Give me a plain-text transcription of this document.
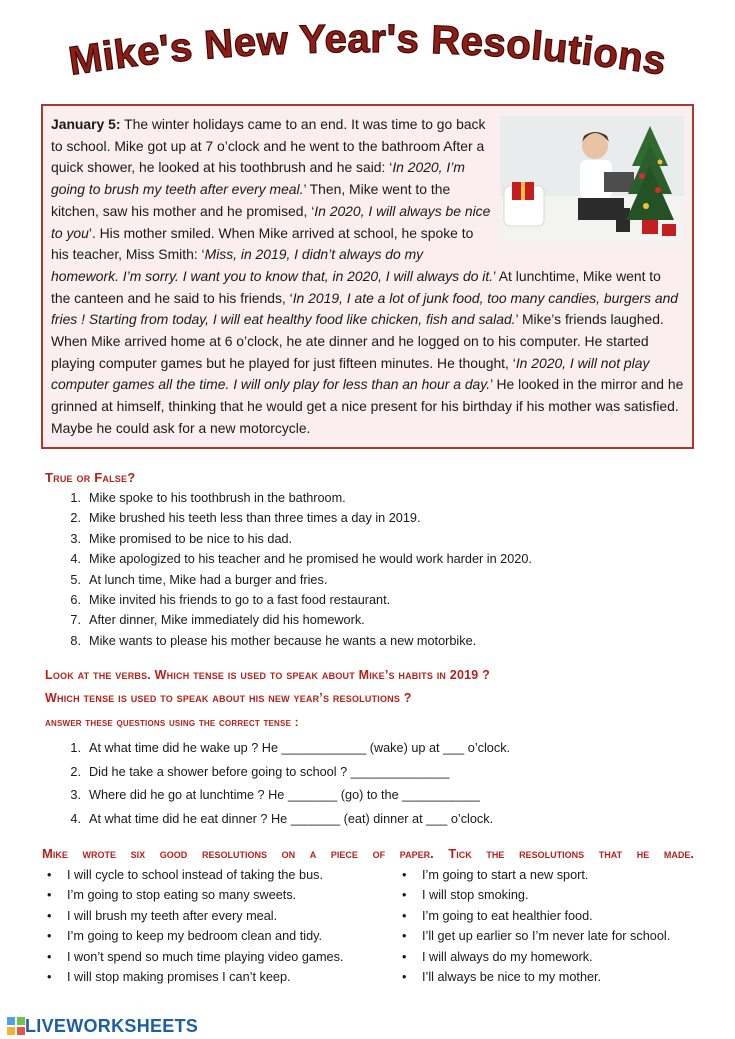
Mike's New Year's Resolutions

January 5: The winter holidays came to an end. It was time to go back to school. Mike got up at 7 o’clock and he went to the bathroom After a quick shower, he looked at his toothbrush and he said: ‘In 2020, I’m going to brush my teeth after every meal.’ Then, Mike went to the kitchen, saw his mother and he promised, ‘In 2020, I will always be nice to you’. His mother smiled. When Mike arrived at school, he spoke to his teacher, Miss Smith: ‘Miss, in 2019, I didn’t always do my homework. I’m sorry. I want you to know that, in 2020, I will always do it.’ At lunchtime, Mike went to the canteen and he said to his friends, ‘In 2019, I ate a lot of junk food, too many candies, burgers and fries ! Starting from today, I will eat healthy food like chicken, fish and salad.’ Mike’s friends laughed. When Mike arrived home at 6 o’clock, he ate dinner and he logged on to his computer. He started playing computer games but he played for just fifteen minutes. He thought, ‘In 2020, I will not play computer games all the time. I will only play for less than an hour a day.’ He looked in the mirror and he grinned at himself, thinking that he would get a nice present for his birthday if his mother was satisfied. Maybe he could ask for a new motorcycle.

True or False?
1. Mike spoke to his toothbrush in the bathroom.
2. Mike brushed his teeth less than three times a day in 2019.
3. Mike promised to be nice to his dad.
4. Mike apologized to his teacher and he promised he would work harder in 2020.
5. At lunch time, Mike had a burger and fries.
6. Mike invited his friends to go to a fast food restaurant.
7. After dinner, Mike immediately did his homework.
8. Mike wants to please his mother because he wants a new motorbike.
Look at the verbs. Which tense is used to speak about Mike’s habits in 2019 ?
Which tense is used to speak about his new year’s resolutions ?
answer these questions using the correct tense :
1. At what time did he wake up ? He ____________ (wake) up at ___ o’clock.
2. Did he take a shower before going to school ? ______________
3. Where did he go at lunchtime ? He _______ (go) to the ___________
4. At what time did he eat dinner ? He _______ (eat) dinner at ___ o’clock.
Mike wrote six good resolutions on a piece of paper. Tick the resolutions that he made.
• I will cycle to school instead of taking the bus.
• I’m going to stop eating so many sweets.
• I will brush my teeth after every meal.
• I’m going to keep my bedroom clean and tidy.
• I won’t spend so much time playing video games.
• I will stop making promises I can’t keep.
• I’m going to start a new sport.
• I will stop smoking.
• I’m going to eat healthier food.
• I’ll get up earlier so I’m never late for school.
• I will always do my homework.
• I’ll always be nice to my mother.
LIVEWORKSHEETS
